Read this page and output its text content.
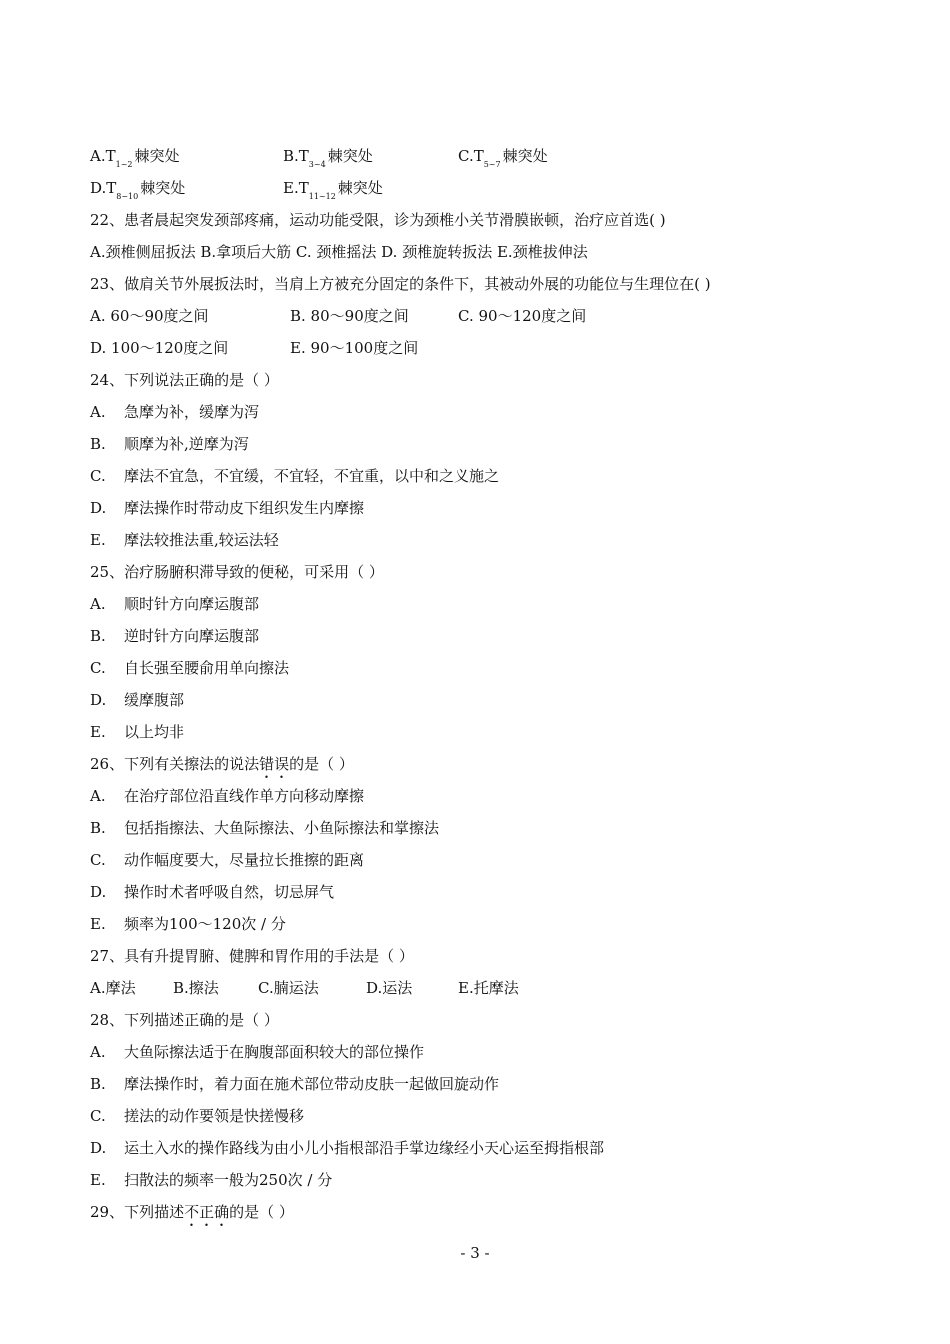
$A.T_{1\sim 2}$ 棘突处	$B.T_{3\sim 4}$ 棘突处	$C.T_{5\sim 7}$ 棘突处
$D.T_{8\sim 10}$ 棘突处	$E.T_{11\sim 12}$ 棘突处
22、患者晨起突发颈部疼痛，运动功能受限，诊为颈椎小关节滑膜嵌顿，治疗应首选( )
A.颈椎侧屈扳法 B.拿项后大筋 C. 颈椎摇法 D. 颈椎旋转扳法 E.颈椎拔伸法
23、做肩关节外展扳法时，当肩上方被充分固定的条件下，其被动外展的功能位与生理位在( )
A. 60～90度之间	B. 80～90度之间	C. 90～120度之间
D. 100～120度之间	E. 90～100度之间
24、下列说法正确的是（ ）
A. 急摩为补，缓摩为泻
B. 顺摩为补,逆摩为泻
C. 摩法不宜急，不宜缓，不宜轻，不宜重，以中和之义施之
D. 摩法操作时带动皮下组织发生内摩擦
E. 摩法较推法重,较运法轻
25、治疗肠腑积滞导致的便秘，可采用（ ）
A. 顺时针方向摩运腹部
B. 逆时针方向摩运腹部
C. 自长强至腰俞用单向擦法
D. 缓摩腹部
E. 以上均非
26、下列有关擦法的说法错误的是（ ）
A. 在治疗部位沿直线作单方向移动摩擦
B. 包括指擦法、大鱼际擦法、小鱼际擦法和掌擦法
C. 动作幅度要大，尽量拉长推擦的距离
D. 操作时术者呼吸自然，切忌屏气
E. 频率为100～120次 / 分
27、具有升提胃腑、健脾和胃作用的手法是（ ）
A.摩法 B.擦法	C.腩运法	D.运法	E.托摩法
28、下列描述正确的是（ ）
A. 大鱼际擦法适于在胸腹部面积较大的部位操作
B. 摩法操作时，着力面在施术部位带动皮肤一起做回旋动作
C. 搓法的动作要领是快搓慢移
D. 运土入水的操作路线为由小儿小指根部沿手掌边缘经小天心运至拇指根部
E. 扫散法的频率一般为250次 / 分
29、下列描述不正确的是（ ）
- 3 -
